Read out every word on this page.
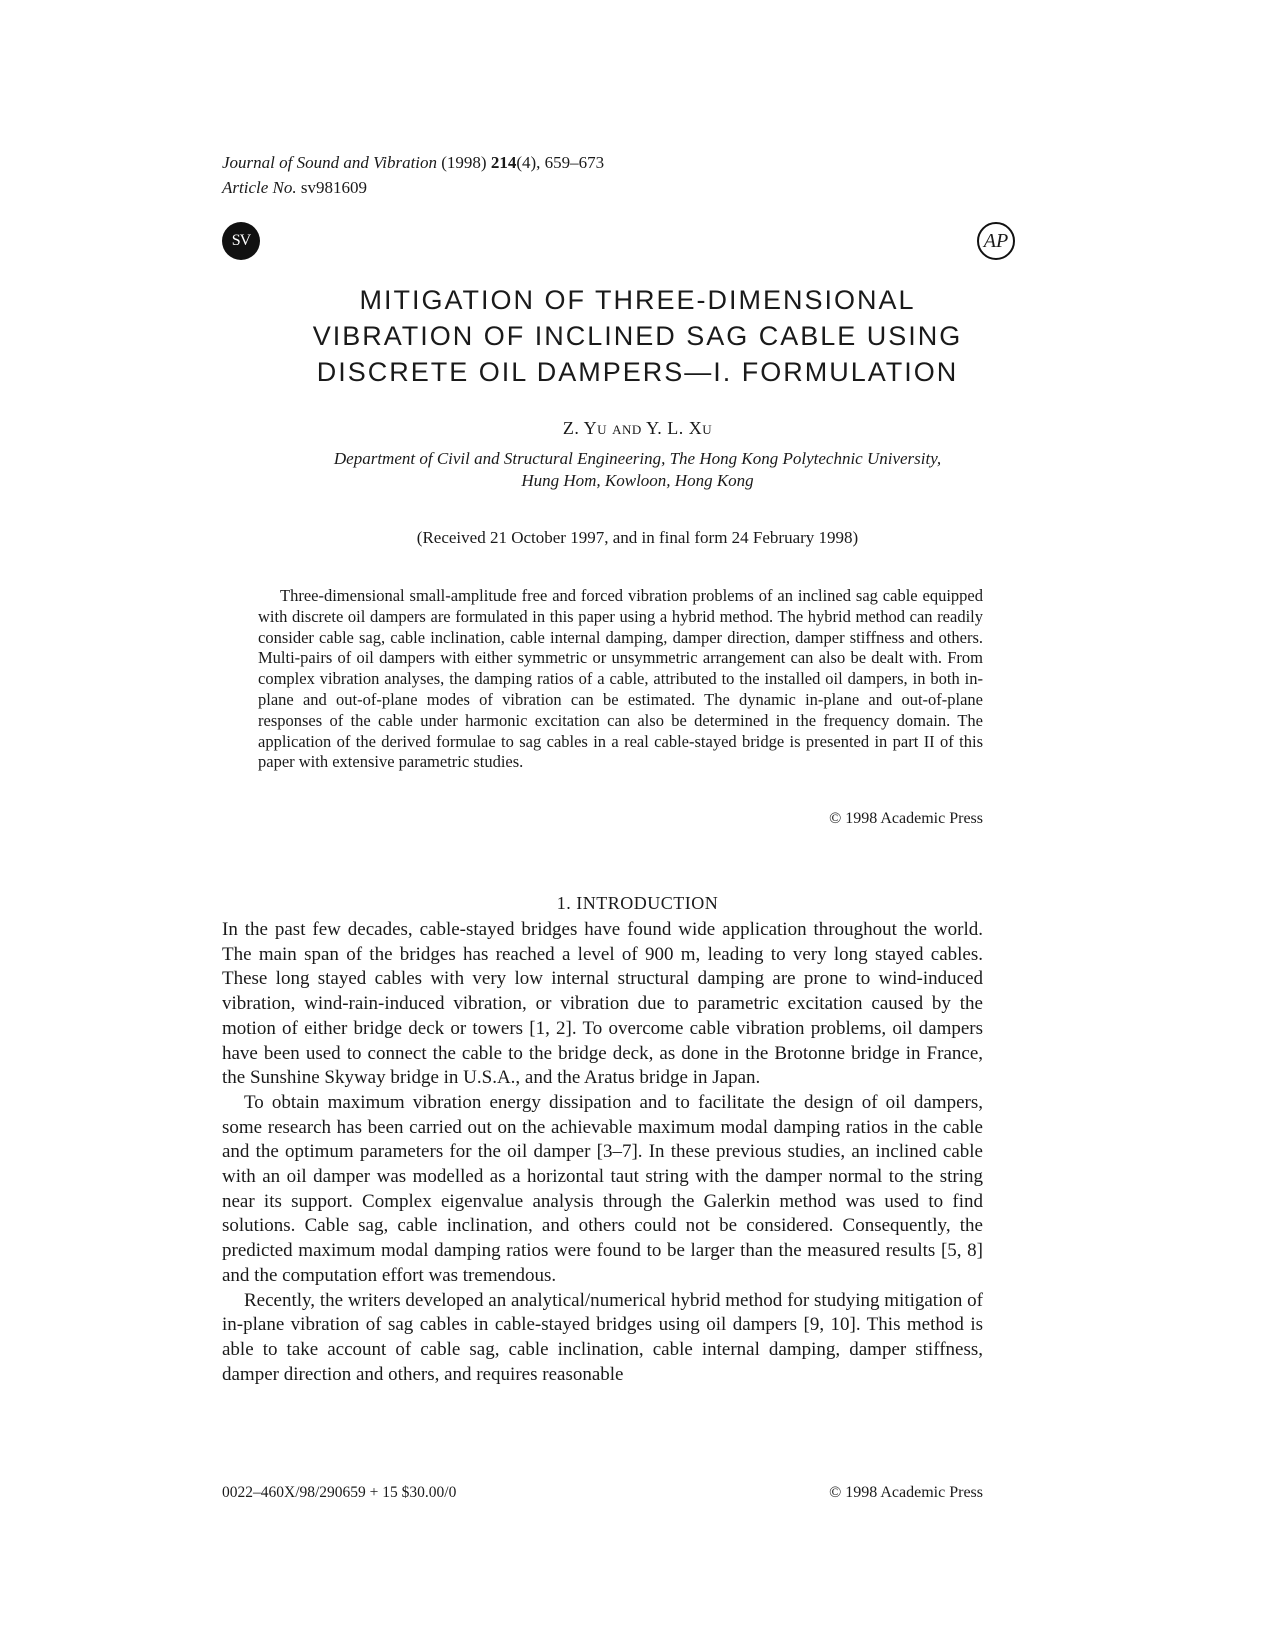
Journal of Sound and Vibration (1998) 214(4), 659–673
Article No. sv981609
SV	AP
MITIGATION OF THREE-DIMENSIONAL
VIBRATION OF INCLINED SAG CABLE USING
DISCRETE OIL DAMPERS—I. FORMULATION
Z. Yu and Y. L. Xu
Department of Civil and Structural Engineering, The Hong Kong Polytechnic University,
Hung Hom, Kowloon, Hong Kong
(Received 21 October 1997, and in final form 24 February 1998)

Three-dimensional small-amplitude free and forced vibration problems of an inclined sag cable equipped with discrete oil dampers are formulated in this paper using a hybrid method. The hybrid method can readily consider cable sag, cable inclination, cable internal damping, damper direction, damper stiffness and others. Multi-pairs of oil dampers with either symmetric or unsymmetric arrangement can also be dealt with. From complex vibration analyses, the damping ratios of a cable, attributed to the installed oil dampers, in both in-plane and out-of-plane modes of vibration can be estimated. The dynamic in-plane and out-of-plane responses of the cable under harmonic excitation can also be determined in the frequency domain. The application of the derived formulae to sag cables in a real cable-stayed bridge is presented in part II of this paper with extensive parametric studies.

© 1998 Academic Press
1. INTRODUCTION

In the past few decades, cable-stayed bridges have found wide application throughout the world. The main span of the bridges has reached a level of 900 m, leading to very long stayed cables. These long stayed cables with very low internal structural damping are prone to wind-induced vibration, wind-rain-induced vibration, or vibration due to parametric excitation caused by the motion of either bridge deck or towers [1, 2]. To overcome cable vibration problems, oil dampers have been used to connect the cable to the bridge deck, as done in the Brotonne bridge in France, the Sunshine Skyway bridge in U.S.A., and the Aratus bridge in Japan.

To obtain maximum vibration energy dissipation and to facilitate the design of oil dampers, some research has been carried out on the achievable maximum modal damping ratios in the cable and the optimum parameters for the oil damper [3–7]. In these previous studies, an inclined cable with an oil damper was modelled as a horizontal taut string with the damper normal to the string near its support. Complex eigenvalue analysis through the Galerkin method was used to find solutions. Cable sag, cable inclination, and others could not be considered. Consequently, the predicted maximum modal damping ratios were found to be larger than the measured results [5, 8] and the computation effort was tremendous.

Recently, the writers developed an analytical/numerical hybrid method for studying mitigation of in-plane vibration of sag cables in cable-stayed bridges using oil dampers [9, 10]. This method is able to take account of cable sag, cable inclination, cable internal damping, damper stiffness, damper direction and others, and requires reasonable

0022–460X/98/290659 + 15 $30.00/0	© 1998 Academic Press
